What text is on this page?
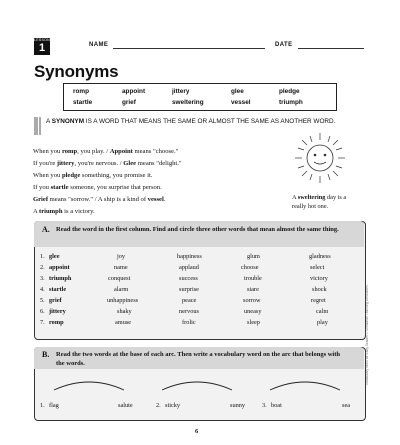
LESSON
1	NAME	DATE
Synonyms
romp	appoint	jittery	glee	pledge
startle	grief	sweltering	vessel	triumph
A SYNONYM IS A WORD THAT MEANS THE SAME OR ALMOST THE SAME AS ANOTHER WORD.
When you romp, you play. / Appoint means "choose."
If you're jittery, you're nervous. / Glee means "delight."
When you pledge something, you promise it.
If you startle someone, you surprise that person.
Grief means "sorrow." / A ship is a kind of vessel.
A triumph is a victory.
A sweltering day is a really hot one.
A. Read the word in the first column. Find and circle three other words that mean almost the same thing.
1. glee	joy	happiness	glum	gladness
2. appoint	name	applaud	choose	select
3. triumph	conquest	success	trouble	victory
4. startle	alarm	surprise	stare	shock
5. grief	unhappiness	peace	sorrow	regret
6. jittery	shaky	nervous	uneasy	calm
7. romp	amuse	frolic	sleep	play
B. Read the two words at the base of each arc. Then write a vocabulary word on the arc that belongs with the words.
1. flag	salute	2. sticky	sunny	3. boat	sea
6
Vocabulary Work for Early Grades © Scholastic Teaching Resources
